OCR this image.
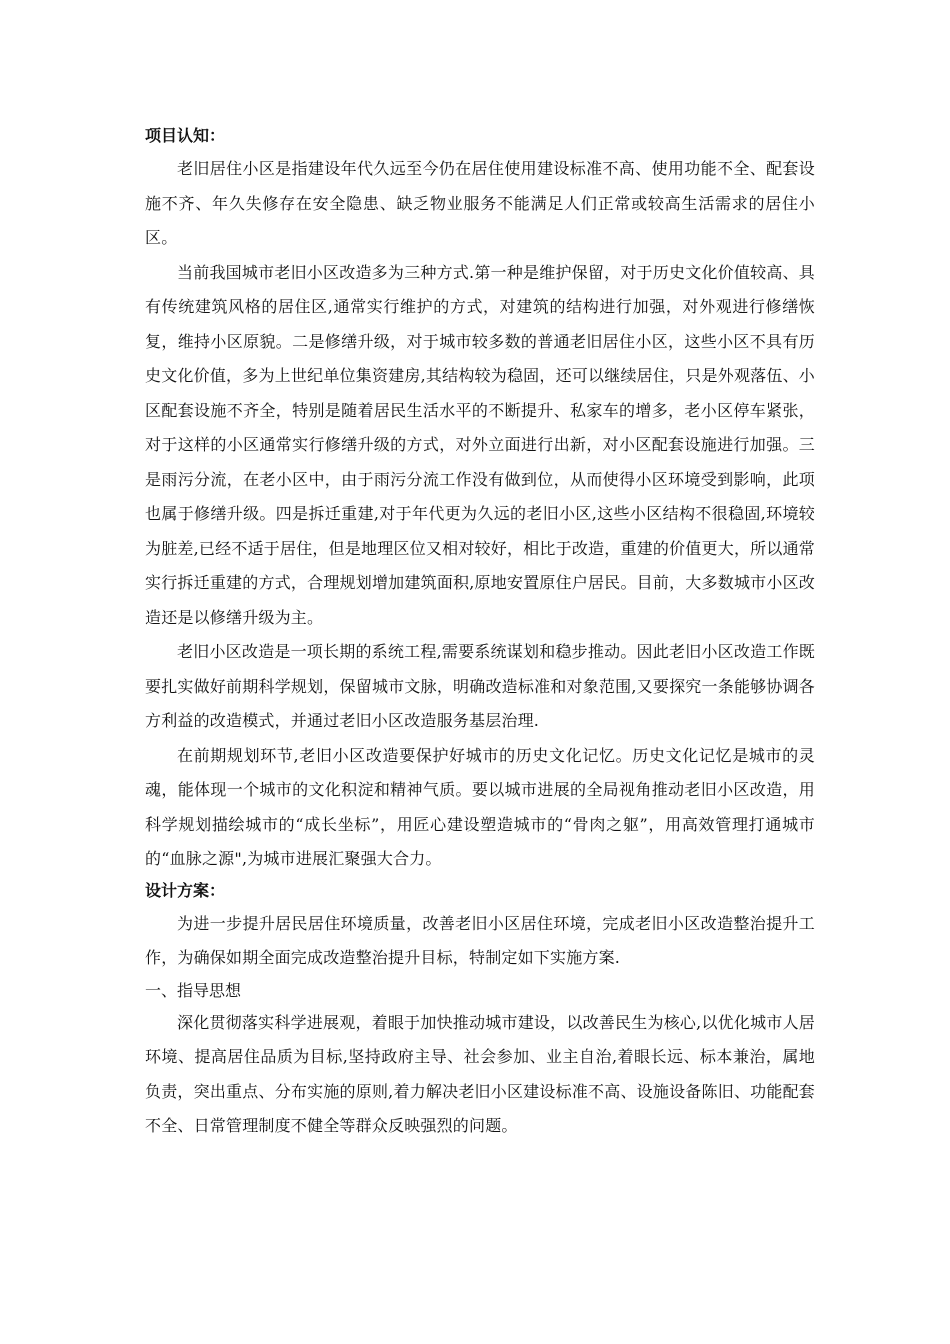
项目认知：

老旧居住小区是指建设年代久远至今仍在居住使用建设标准不高、使用功能不全、配套设施不齐、年久失修存在安全隐患、缺乏物业服务不能满足人们正常或较高生活需求的居住小区。

当前我国城市老旧小区改造多为三种方式.第一种是维护保留，对于历史文化价值较高、具有传统建筑风格的居住区,通常实行维护的方式，对建筑的结构进行加强，对外观进行修缮恢复，维持小区原貌。二是修缮升级，对于城市较多数的普通老旧居住小区，这些小区不具有历史文化价值，多为上世纪单位集资建房,其结构较为稳固，还可以继续居住，只是外观落伍、小区配套设施不齐全，特别是随着居民生活水平的不断提升、私家车的增多，老小区停车紧张，对于这样的小区通常实行修缮升级的方式，对外立面进行出新，对小区配套设施进行加强。三是雨污分流，在老小区中，由于雨污分流工作没有做到位，从而使得小区环境受到影响，此项也属于修缮升级。四是拆迁重建,对于年代更为久远的老旧小区,这些小区结构不很稳固,环境较为脏差,已经不适于居住，但是地理区位又相对较好，相比于改造，重建的价值更大，所以通常实行拆迁重建的方式，合理规划增加建筑面积,原地安置原住户居民。目前，大多数城市小区改造还是以修缮升级为主。

老旧小区改造是一项长期的系统工程,需要系统谋划和稳步推动。因此老旧小区改造工作既要扎实做好前期科学规划，保留城市文脉，明确改造标准和对象范围,又要探究一条能够协调各方利益的改造模式，并通过老旧小区改造服务基层治理.

在前期规划环节,老旧小区改造要保护好城市的历史文化记忆。历史文化记忆是城市的灵魂，能体现一个城市的文化积淀和精神气质。要以城市进展的全局视角推动老旧小区改造，用科学规划描绘城市的“成长坐标”，用匠心建设塑造城市的“骨肉之躯”，用高效管理打通城市的“血脉之源",为城市进展汇聚强大合力。

设计方案：

为进一步提升居民居住环境质量，改善老旧小区居住环境，完成老旧小区改造整治提升工作，为确保如期全面完成改造整治提升目标，特制定如下实施方案.

一、指导思想

深化贯彻落实科学进展观，着眼于加快推动城市建设，以改善民生为核心,以优化城市人居环境、提高居住品质为目标,坚持政府主导、社会参加、业主自治,着眼长远、标本兼治，属地负责，突出重点、分布实施的原则,着力解决老旧小区建设标准不高、设施设备陈旧、功能配套不全、日常管理制度不健全等群众反映强烈的问题。
